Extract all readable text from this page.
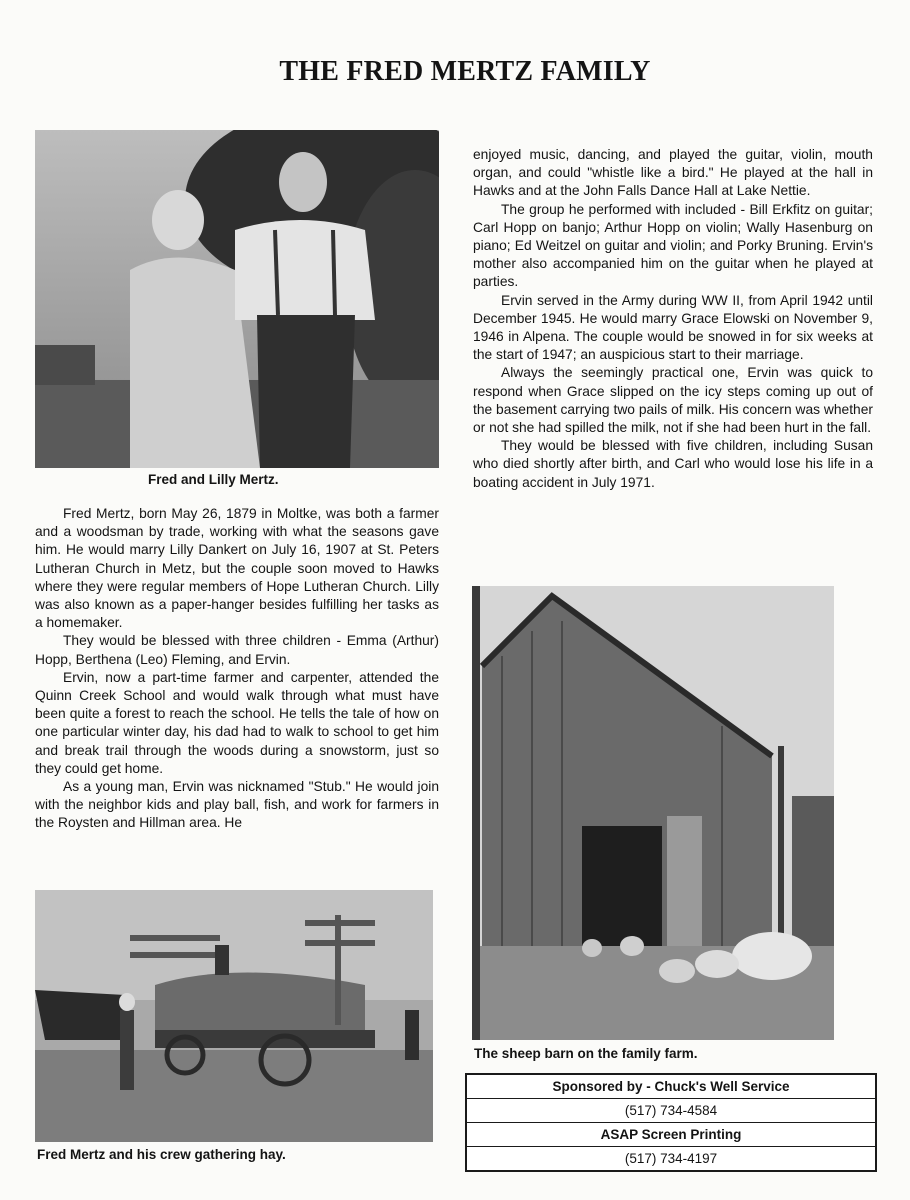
THE FRED MERTZ FAMILY
Fred and Lilly Mertz.

Fred Mertz, born May 26, 1879 in Moltke, was both a farmer and a woodsman by trade, working with what the seasons gave him. He would marry Lilly Dankert on July 16, 1907 at St. Peters Lutheran Church in Metz, but the couple soon moved to Hawks where they were regular members of Hope Lutheran Church. Lilly was also known as a paper-hanger besides fulfilling her tasks as a homemaker.

They would be blessed with three children - Emma (Arthur) Hopp, Berthena (Leo) Fleming, and Ervin.

Ervin, now a part-time farmer and carpenter, attended the Quinn Creek School and would walk through what must have been quite a forest to reach the school. He tells the tale of how on one particular winter day, his dad had to walk to school to get him and break trail through the woods during a snowstorm, just so they could get home.

As a young man, Ervin was nicknamed "Stub." He would join with the neighbor kids and play ball, fish, and work for farmers in the Roysten and Hillman area. He

enjoyed music, dancing, and played the guitar, violin, mouth organ, and could "whistle like a bird." He played at the hall in Hawks and at the John Falls Dance Hall at Lake Nettie.

The group he performed with included - Bill Erkfitz on guitar; Carl Hopp on banjo; Arthur Hopp on violin; Wally Hasenburg on piano; Ed Weitzel on guitar and violin; and Porky Bruning. Ervin's mother also accompanied him on the guitar when he played at parties.

Ervin served in the Army during WW II, from April 1942 until December 1945. He would marry Grace Elowski on November 9, 1946 in Alpena. The couple would be snowed in for six weeks at the start of 1947; an auspicious start to their marriage.

Always the seemingly practical one, Ervin was quick to respond when Grace slipped on the icy steps coming up out of the basement carrying two pails of milk. His concern was whether or not she had spilled the milk, not if she had been hurt in the fall.

They would be blessed with five children, including Susan who died shortly after birth, and Carl who would lose his life in a boating accident in July 1971.

Fred Mertz and his crew gathering hay.
The sheep barn on the family farm.
Sponsored by - Chuck's Well Service
(517) 734-4584
ASAP Screen Printing
(517) 734-4197
